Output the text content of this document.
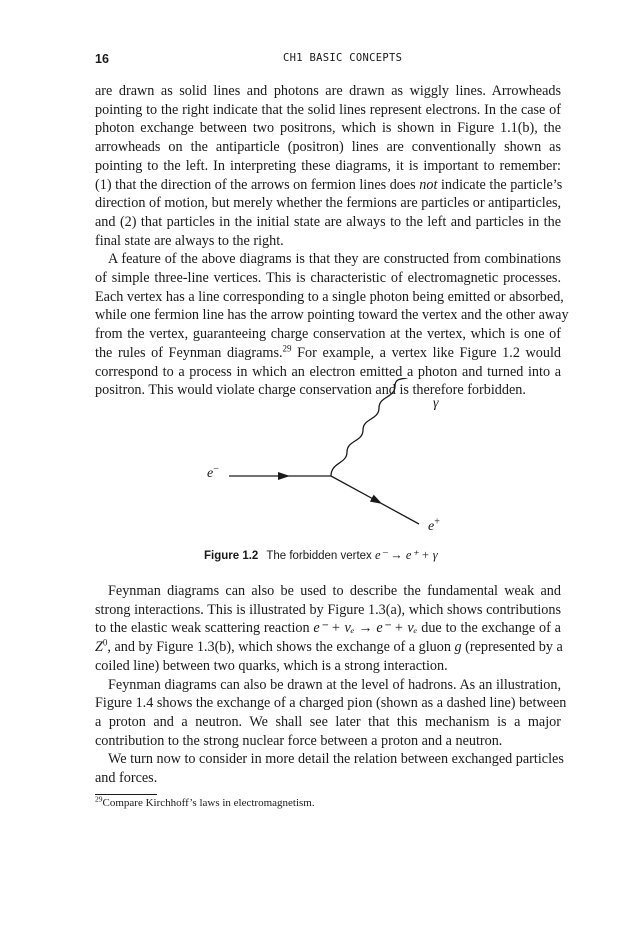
16	CH1 BASIC CONCEPTS
are drawn as solid lines and photons are drawn as wiggly lines. Arrowheads
pointing to the right indicate that the solid lines represent electrons. In the case of
photon exchange between two positrons, which is shown in Figure 1.1(b), the
arrowheads on the antiparticle (positron) lines are conventionally shown as
pointing to the left. In interpreting these diagrams, it is important to remember:
(1) that the direction of the arrows on fermion lines does not indicate the particle’s
direction of motion, but merely whether the fermions are particles or antiparticles,
and (2) that particles in the initial state are always to the left and particles in the
final state are always to the right.
A feature of the above diagrams is that they are constructed from combinations
of simple three-line vertices. This is characteristic of electromagnetic processes.
Each vertex has a line corresponding to a single photon being emitted or absorbed,
while one fermion line has the arrow pointing toward the vertex and the other away
from the vertex, guaranteeing charge conservation at the vertex, which is one of
the rules of Feynman diagrams.$^{29}$ For example, a vertex like Figure 1.2 would
correspond to a process in which an electron emitted a photon and turned into a
positron. This would violate charge conservation and is therefore forbidden.
γ
e−
e+
Figure 1.2 The forbidden vertex e⁻ → e⁺ + γ
Feynman diagrams can also be used to describe the fundamental weak and
strong interactions. This is illustrated by Figure 1.3(a), which shows contributions
to the elastic weak scattering reaction e⁻ + νₑ → e⁻ + νₑ due to the exchange of a
$Z^0$, and by Figure 1.3(b), which shows the exchange of a gluon g (represented by a
coiled line) between two quarks, which is a strong interaction.
Feynman diagrams can also be drawn at the level of hadrons. As an illustration,
Figure 1.4 shows the exchange of a charged pion (shown as a dashed line) between
a proton and a neutron. We shall see later that this mechanism is a major
contribution to the strong nuclear force between a proton and a neutron.
We turn now to consider in more detail the relation between exchanged particles
and forces.
$^{29}$Compare Kirchhoff’s laws in electromagnetism.
